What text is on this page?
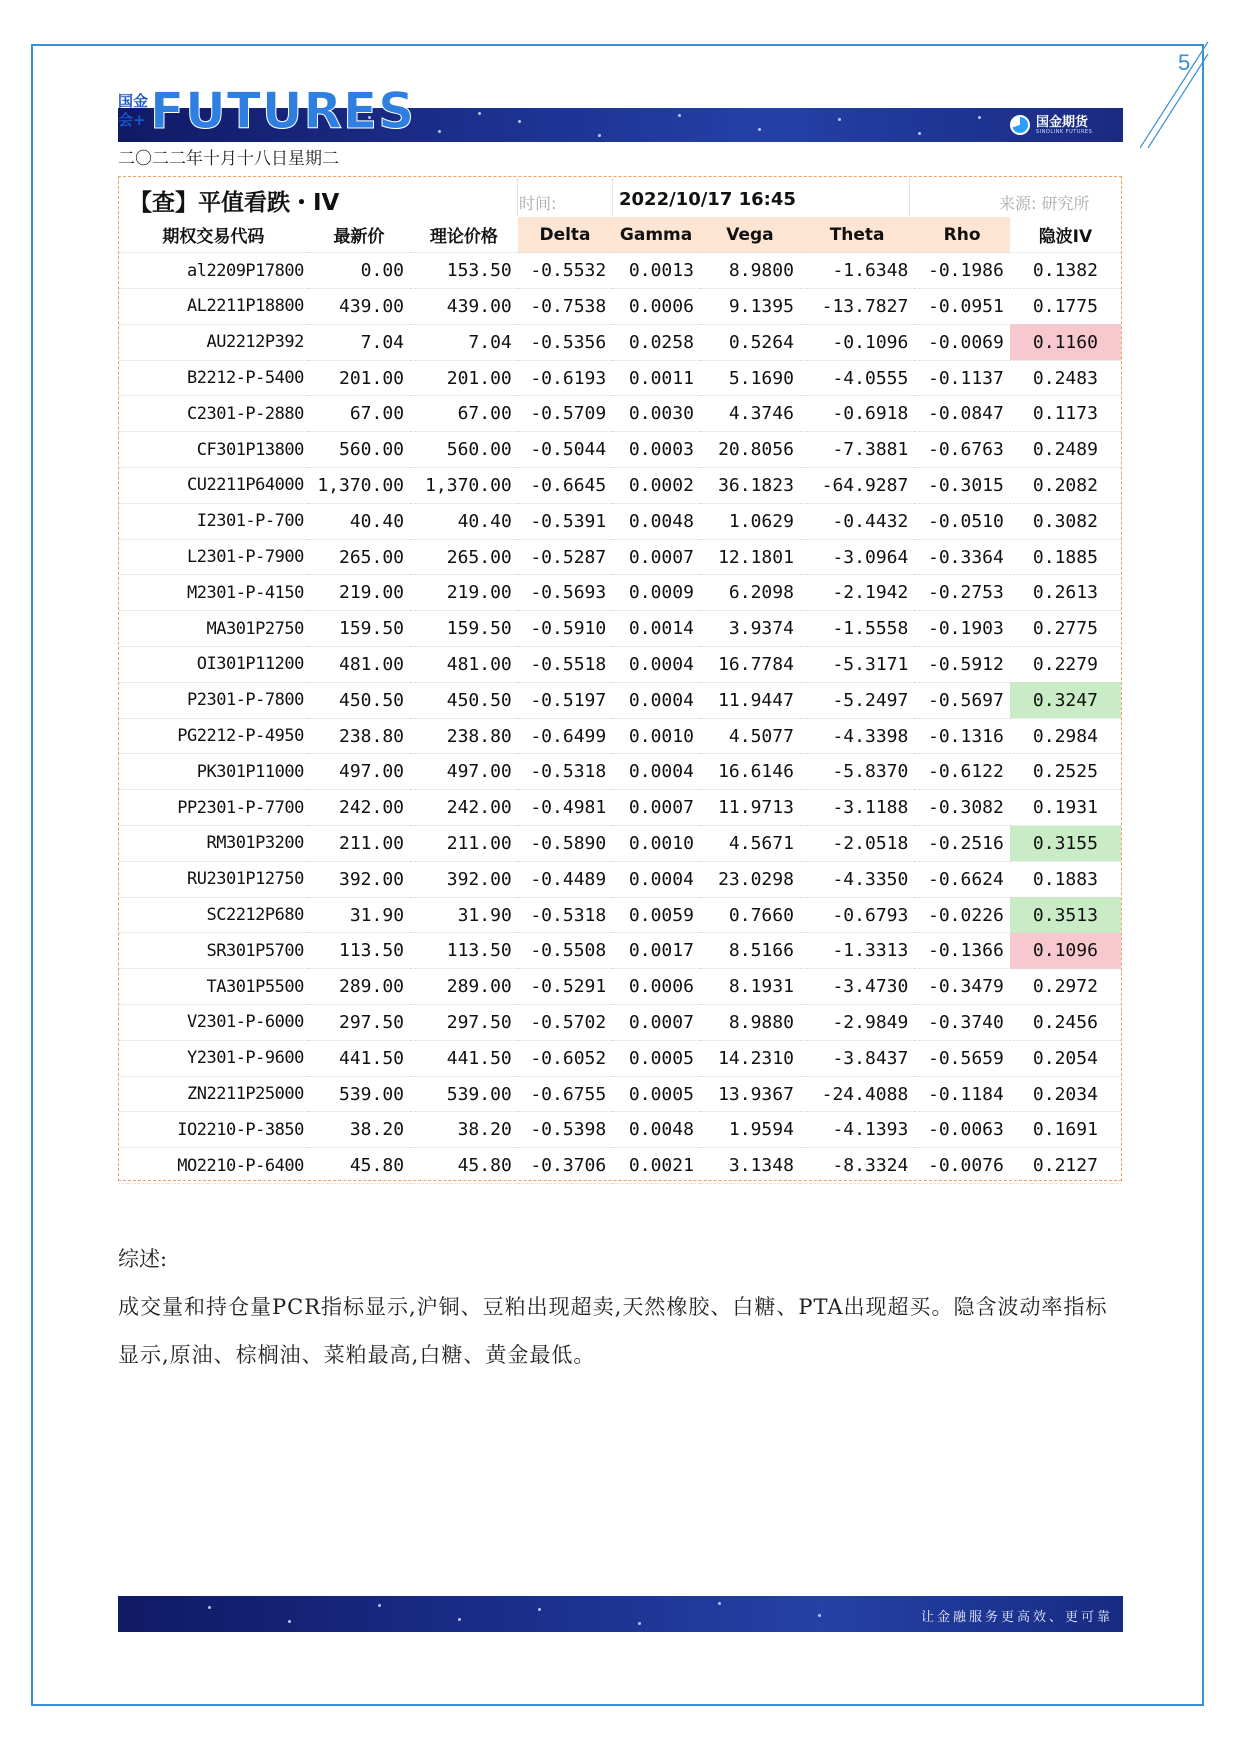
5
国金会+ FUTURES	国金期货
SINOLINK FUTURES
二〇二二年十月十八日星期二
【查】平值看跌・IV	时间:	2022/10/17 16:45	来源: 研究所
期权交易代码	最新价	理论价格	Delta	Gamma	Vega	Theta	Rho	隐波IV
al2209P17800	0.00	153.50	-0.5532	0.0013	8.9800	-1.6348	-0.1986	0.1382
AL2211P18800	439.00	439.00	-0.7538	0.0006	9.1395	-13.7827	-0.0951	0.1775
AU2212P392	7.04	7.04	-0.5356	0.0258	0.5264	-0.1096	-0.0069	0.1160
B2212-P-5400	201.00	201.00	-0.6193	0.0011	5.1690	-4.0555	-0.1137	0.2483
C2301-P-2880	67.00	67.00	-0.5709	0.0030	4.3746	-0.6918	-0.0847	0.1173
CF301P13800	560.00	560.00	-0.5044	0.0003	20.8056	-7.3881	-0.6763	0.2489
CU2211P64000	1,370.00	1,370.00	-0.6645	0.0002	36.1823	-64.9287	-0.3015	0.2082
I2301-P-700	40.40	40.40	-0.5391	0.0048	1.0629	-0.4432	-0.0510	0.3082
L2301-P-7900	265.00	265.00	-0.5287	0.0007	12.1801	-3.0964	-0.3364	0.1885
M2301-P-4150	219.00	219.00	-0.5693	0.0009	6.2098	-2.1942	-0.2753	0.2613
MA301P2750	159.50	159.50	-0.5910	0.0014	3.9374	-1.5558	-0.1903	0.2775
OI301P11200	481.00	481.00	-0.5518	0.0004	16.7784	-5.3171	-0.5912	0.2279
P2301-P-7800	450.50	450.50	-0.5197	0.0004	11.9447	-5.2497	-0.5697	0.3247
PG2212-P-4950	238.80	238.80	-0.6499	0.0010	4.5077	-4.3398	-0.1316	0.2984
PK301P11000	497.00	497.00	-0.5318	0.0004	16.6146	-5.8370	-0.6122	0.2525
PP2301-P-7700	242.00	242.00	-0.4981	0.0007	11.9713	-3.1188	-0.3082	0.1931
RM301P3200	211.00	211.00	-0.5890	0.0010	4.5671	-2.0518	-0.2516	0.3155
RU2301P12750	392.00	392.00	-0.4489	0.0004	23.0298	-4.3350	-0.6624	0.1883
SC2212P680	31.90	31.90	-0.5318	0.0059	0.7660	-0.6793	-0.0226	0.3513
SR301P5700	113.50	113.50	-0.5508	0.0017	8.5166	-1.3313	-0.1366	0.1096
TA301P5500	289.00	289.00	-0.5291	0.0006	8.1931	-3.4730	-0.3479	0.2972
V2301-P-6000	297.50	297.50	-0.5702	0.0007	8.9880	-2.9849	-0.3740	0.2456
Y2301-P-9600	441.50	441.50	-0.6052	0.0005	14.2310	-3.8437	-0.5659	0.2054
ZN2211P25000	539.00	539.00	-0.6755	0.0005	13.9367	-24.4088	-0.1184	0.2034
IO2210-P-3850	38.20	38.20	-0.5398	0.0048	1.9594	-4.1393	-0.0063	0.1691
MO2210-P-6400	45.80	45.80	-0.3706	0.0021	3.1348	-8.3324	-0.0076	0.2127
综述:
成交量和持仓量PCR指标显示,沪铜、豆粕出现超卖,天然橡胶、白糖、PTA出现超买。隐含波动率指标显示,原油、棕榈油、菜粕最高,白糖、黄金最低。
让金融服务更高效、更可靠
